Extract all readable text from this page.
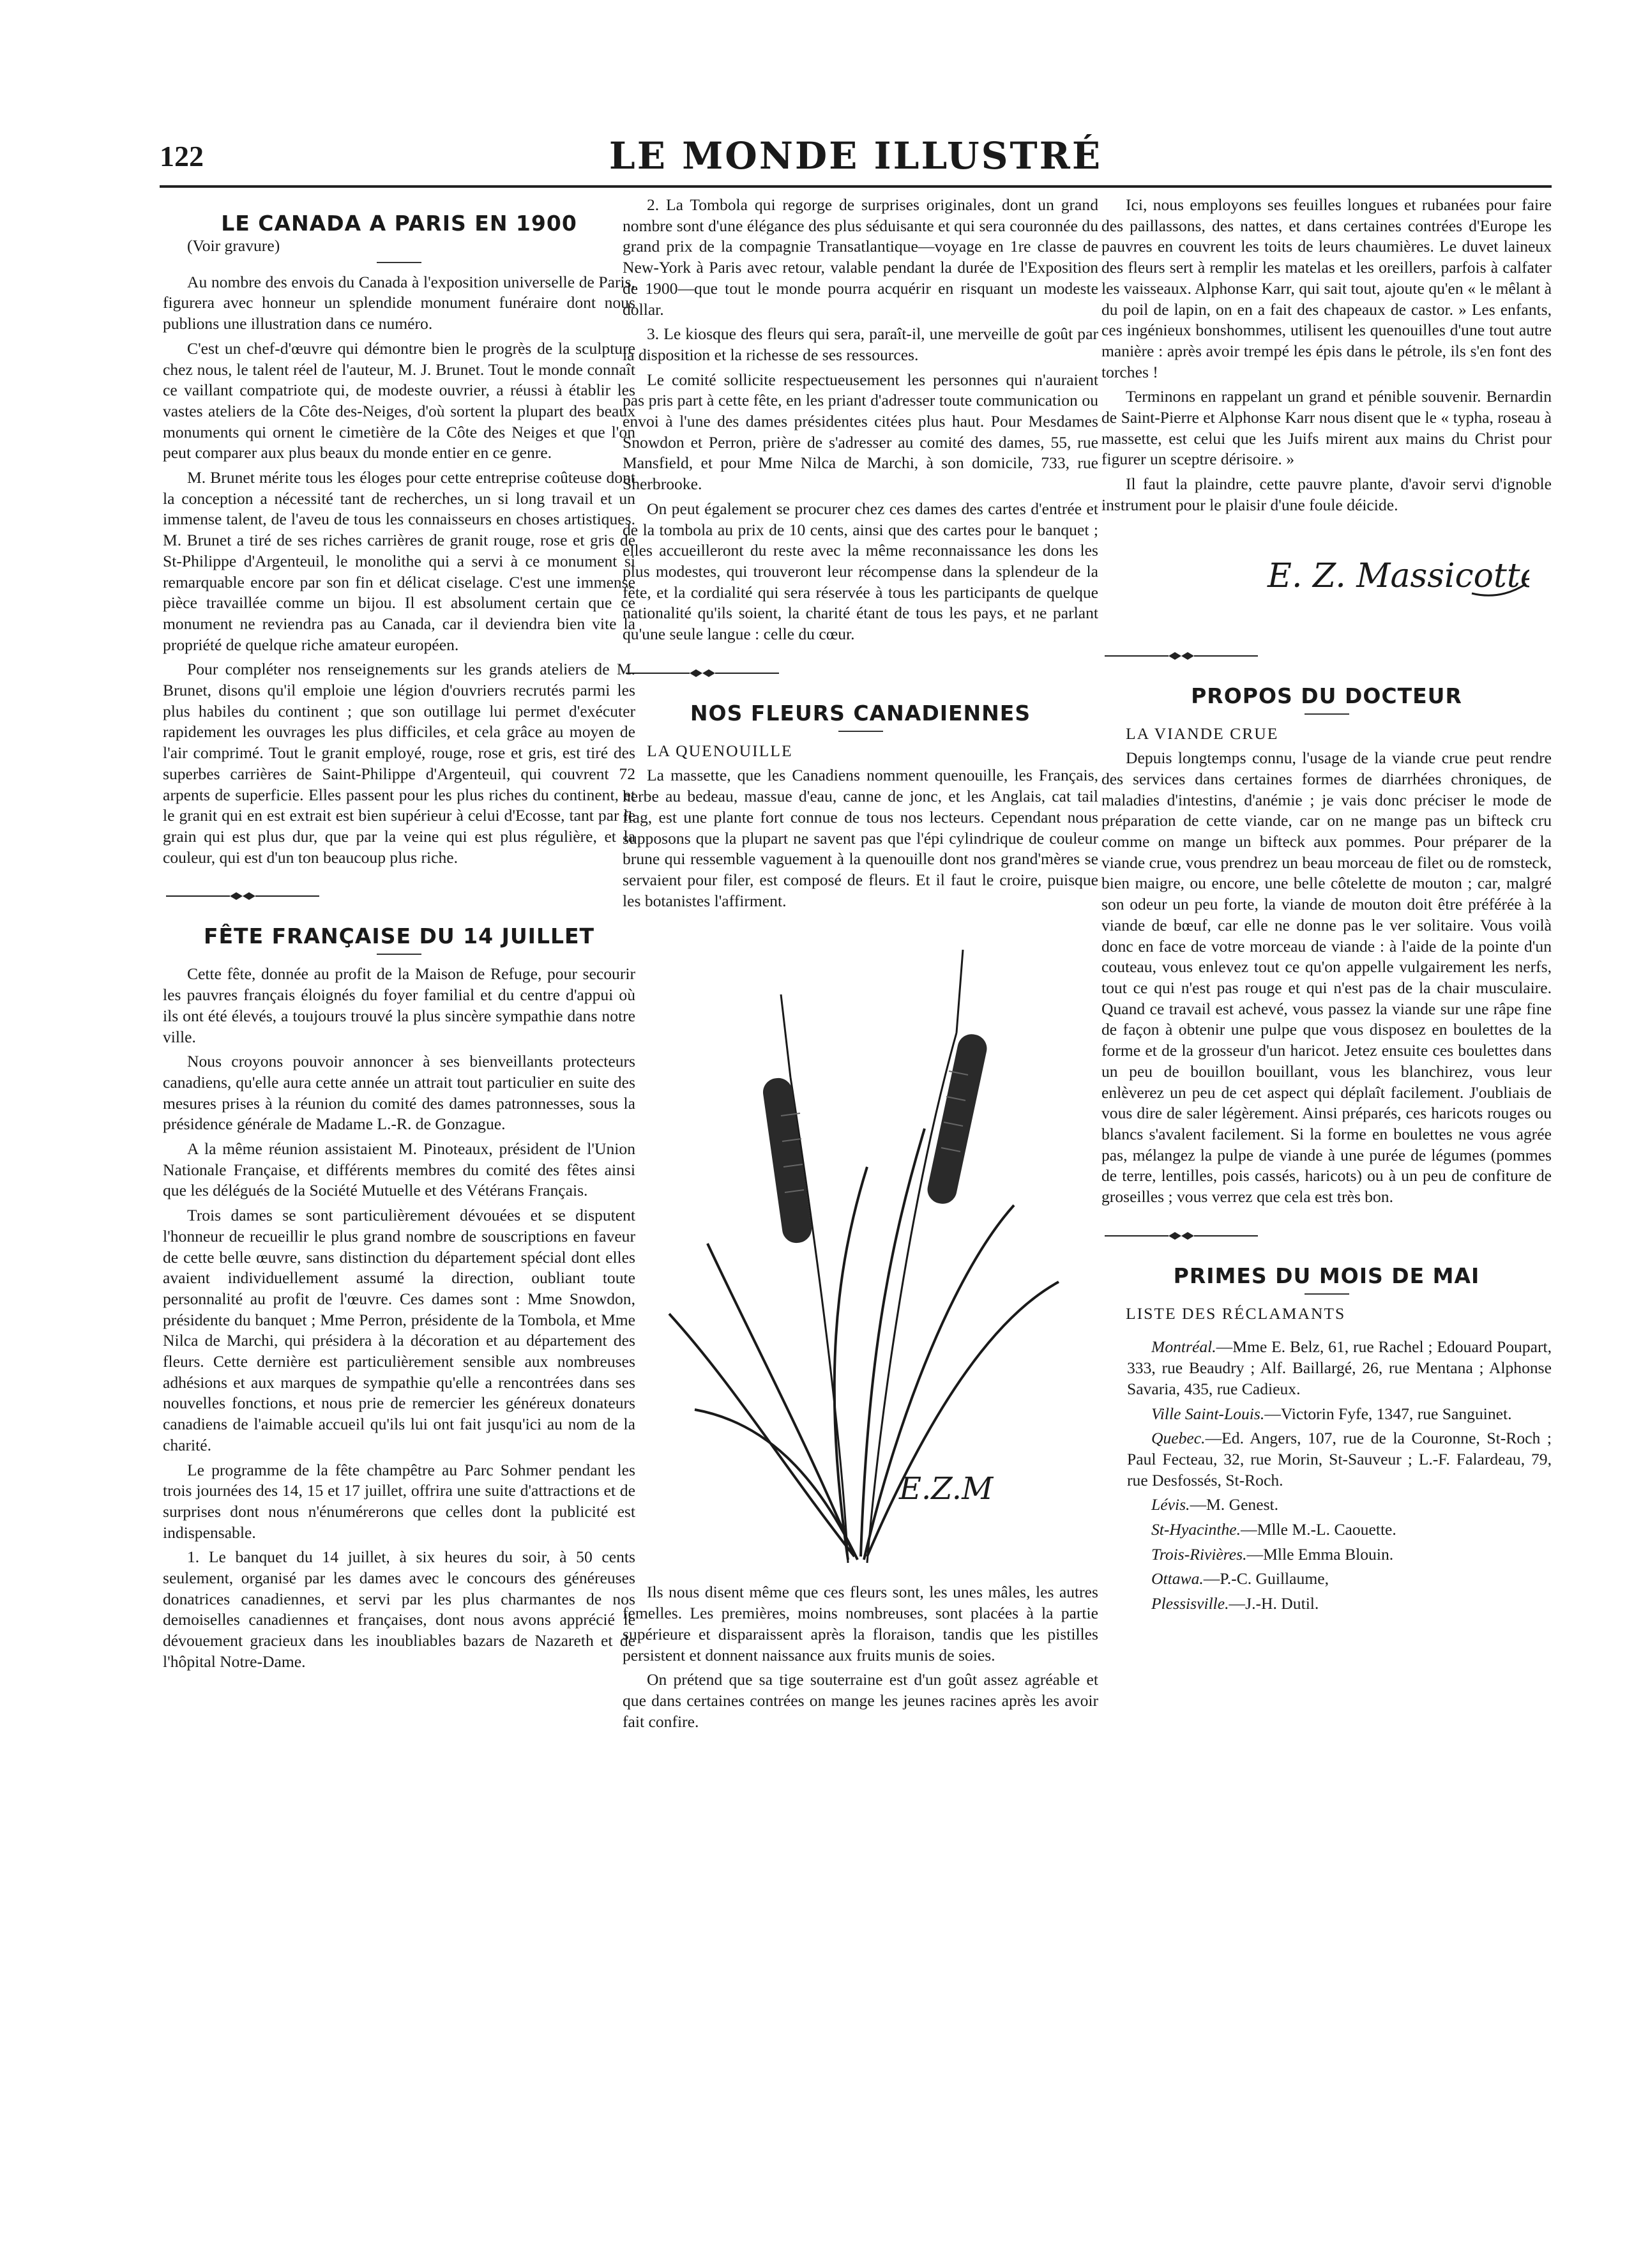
122	LE MONDE ILLUSTRÉ
LE CANADA A PARIS EN 1900

(Voir gravure)

Au nombre des envois du Canada à l'exposition universelle de Paris, figurera avec honneur un splendide monument funéraire dont nous publions une illustration dans ce numéro.

C'est un chef-d'œuvre qui démontre bien le progrès de la sculpture chez nous, le talent réel de l'auteur, M. J. Brunet. Tout le monde connaît ce vaillant compatriote qui, de modeste ouvrier, a réussi à établir les vastes ateliers de la Côte des-Neiges, d'où sortent la plupart des beaux monuments qui ornent le cimetière de la Côte des Neiges et que l'on peut comparer aux plus beaux du monde entier en ce genre.

M. Brunet mérite tous les éloges pour cette entreprise coûteuse dont la conception a nécessité tant de recherches, un si long travail et un immense talent, de l'aveu de tous les connaisseurs en choses artistiques. M. Brunet a tiré de ses riches carrières de granit rouge, rose et gris de St-Philippe d'Argenteuil, le monolithe qui a servi à ce monument si remarquable encore par son fin et délicat ciselage. C'est une immense pièce travaillée comme un bijou. Il est absolument certain que ce monument ne reviendra pas au Canada, car il deviendra bien vite la propriété de quelque riche amateur européen.

Pour compléter nos renseignements sur les grands ateliers de M. Brunet, disons qu'il emploie une légion d'ouvriers recrutés parmi les plus habiles du continent ; que son outillage lui permet d'exécuter rapidement les ouvrages les plus difficiles, et cela grâce au moyen de l'air comprimé. Tout le granit employé, rouge, rose et gris, est tiré des superbes carrières de Saint-Philippe d'Argenteuil, qui couvrent 72 arpents de superficie. Elles passent pour les plus riches du continent, et le granit qui en est extrait est bien supérieur à celui d'Ecosse, tant par le grain qui est plus dur, que par la veine qui est plus régulière, et la couleur, qui est d'un ton beaucoup plus riche.

FÊTE FRANÇAISE DU 14 JUILLET

Cette fête, donnée au profit de la Maison de Refuge, pour secourir les pauvres français éloignés du foyer familial et du centre d'appui où ils ont été élevés, a toujours trouvé la plus sincère sympathie dans notre ville.

Nous croyons pouvoir annoncer à ses bienveillants protecteurs canadiens, qu'elle aura cette année un attrait tout particulier en suite des mesures prises à la réunion du comité des dames patronnesses, sous la présidence générale de Madame L.-R. de Gonzague.

A la même réunion assistaient M. Pinoteaux, président de l'Union Nationale Française, et différents membres du comité des fêtes ainsi que les délégués de la Société Mutuelle et des Vétérans Français.

Trois dames se sont particulièrement dévouées et se disputent l'honneur de recueillir le plus grand nombre de souscriptions en faveur de cette belle œuvre, sans distinction du département spécial dont elles avaient individuellement assumé la direction, oubliant toute personnalité au profit de l'œuvre. Ces dames sont : Mme Snowdon, présidente du banquet ; Mme Perron, présidente de la Tombola, et Mme Nilca de Marchi, qui présidera à la décoration et au département des fleurs. Cette dernière est particulièrement sensible aux nombreuses adhésions et aux marques de sympathie qu'elle a rencontrées dans ses nouvelles fonctions, et nous prie de remercier les généreux donateurs canadiens de l'aimable accueil qu'ils lui ont fait jusqu'ici au nom de la charité.

Le programme de la fête champêtre au Parc Sohmer pendant les trois journées des 14, 15 et 17 juillet, offrira une suite d'attractions et de surprises dont nous n'énumérerons que celles dont la publicité est indispensable.

1. Le banquet du 14 juillet, à six heures du soir, à 50 cents seulement, organisé par les dames avec le concours des généreuses donatrices canadiennes, et servi par les plus charmantes de nos demoiselles canadiennes et françaises, dont nous avons apprécié le dévouement gracieux dans les inoubliables bazars de Nazareth et de l'hôpital Notre-Dame.

2. La Tombola qui regorge de surprises originales, dont un grand nombre sont d'une élégance des plus séduisante et qui sera couronnée du grand prix de la compagnie Transatlantique—voyage en 1re classe de New-York à Paris avec retour, valable pendant la durée de l'Exposition de 1900—que tout le monde pourra acquérir en risquant un modeste dollar.

3. Le kiosque des fleurs qui sera, paraît-il, une merveille de goût par la disposition et la richesse de ses ressources.

Le comité sollicite respectueusement les personnes qui n'auraient pas pris part à cette fête, en les priant d'adresser toute communication ou envoi à l'une des dames présidentes citées plus haut. Pour Mesdames Snowdon et Perron, prière de s'adresser au comité des dames, 55, rue Mansfield, et pour Mme Nilca de Marchi, à son domicile, 733, rue Sherbrooke.

On peut également se procurer chez ces dames des cartes d'entrée et de la tombola au prix de 10 cents, ainsi que des cartes pour le banquet ; elles accueilleront du reste avec la même reconnaissance les dons les plus modestes, qui trouveront leur récompense dans la splendeur de la fête, et la cordialité qui sera réservée à tous les participants de quelque nationalité qu'ils soient, la charité étant de tous les pays, et ne parlant qu'une seule langue : celle du cœur.

NOS FLEURS CANADIENNES

LA QUENOUILLE

La massette, que les Canadiens nomment quenouille, les Français, herbe au bedeau, massue d'eau, canne de jonc, et les Anglais, cat tail flag, est une plante fort connue de tous nos lecteurs. Cependant nous supposons que la plupart ne savent pas que l'épi cylindrique de couleur brune qui ressemble vaguement à la quenouille dont nos grand'mères se servaient pour filer, est composé de fleurs. Et il faut le croire, puisque les botanistes l'affirment.

E.Z.M

Ils nous disent même que ces fleurs sont, les unes mâles, les autres femelles. Les premières, moins nombreuses, sont placées à la partie supérieure et disparaissent après la floraison, tandis que les pistilles persistent et donnent naissance aux fruits munis de soies.

On prétend que sa tige souterraine est d'un goût assez agréable et que dans certaines contrées on mange les jeunes racines après les avoir fait confire.

Ici, nous employons ses feuilles longues et rubanées pour faire des paillassons, des nattes, et dans certaines contrées d'Europe les pauvres en couvrent les toits de leurs chaumières. Le duvet laineux des fleurs sert à remplir les matelas et les oreillers, parfois à calfater les vaisseaux. Alphonse Karr, qui sait tout, ajoute qu'en « le mêlant à du poil de lapin, on en a fait des chapeaux de castor. » Les enfants, ces ingénieux bonshommes, utilisent les quenouilles d'une tout autre manière : après avoir trempé les épis dans le pétrole, ils s'en font des torches !

Terminons en rappelant un grand et pénible souvenir. Bernardin de Saint-Pierre et Alphonse Karr nous disent que le « typha, roseau à massette, est celui que les Juifs mirent aux mains du Christ pour figurer un sceptre dérisoire. »

Il faut la plaindre, cette pauvre plante, d'avoir servi d'ignoble instrument pour le plaisir d'une foule déicide.

E. Z. Massicotte

PROPOS DU DOCTEUR

LA VIANDE CRUE

Depuis longtemps connu, l'usage de la viande crue peut rendre des services dans certaines formes de diarrhées chroniques, de maladies d'intestins, d'anémie ; je vais donc préciser le mode de préparation de cette viande, car on ne mange pas un bifteck cru comme on mange un bifteck aux pommes. Pour préparer de la viande crue, vous prendrez un beau morceau de filet ou de romsteck, bien maigre, ou encore, une belle côtelette de mouton ; car, malgré son odeur un peu forte, la viande de mouton doit être préférée à la viande de bœuf, car elle ne donne pas le ver solitaire. Vous voilà donc en face de votre morceau de viande : à l'aide de la pointe d'un couteau, vous enlevez tout ce qu'on appelle vulgairement les nerfs, tout ce qui n'est pas rouge et qui n'est pas de la chair musculaire. Quand ce travail est achevé, vous passez la viande sur une râpe fine de façon à obtenir une pulpe que vous disposez en boulettes de la forme et de la grosseur d'un haricot. Jetez ensuite ces boulettes dans un peu de bouillon bouillant, vous les blanchirez, vous leur enlèverez un peu de cet aspect qui déplaît facilement. J'oubliais de vous dire de saler légèrement. Ainsi préparés, ces haricots rouges ou blancs s'avalent facilement. Si la forme en boulettes ne vous agrée pas, mélangez la pulpe de viande à une purée de légumes (pommes de terre, lentilles, pois cassés, haricots) ou à un peu de confiture de groseilles ; vous verrez que cela est très bon.

PRIMES DU MOIS DE MAI

LISTE DES RÉCLAMANTS

Montréal.—Mme E. Belz, 61, rue Rachel ; Edouard Poupart, 333, rue Beaudry ; Alf. Baillargé, 26, rue Mentana ; Alphonse Savaria, 435, rue Cadieux.

Ville Saint-Louis.—Victorin Fyfe, 1347, rue Sanguinet.

Quebec.—Ed. Angers, 107, rue de la Couronne, St-Roch ; Paul Fecteau, 32, rue Morin, St-Sauveur ; L.-F. Falardeau, 79, rue Desfossés, St-Roch.

Lévis.—M. Genest.

St-Hyacinthe.—Mlle M.-L. Caouette.

Trois-Rivières.—Mlle Emma Blouin.

Ottawa.—P.-C. Guillaume,

Plessisville.—J.-H. Dutil.
